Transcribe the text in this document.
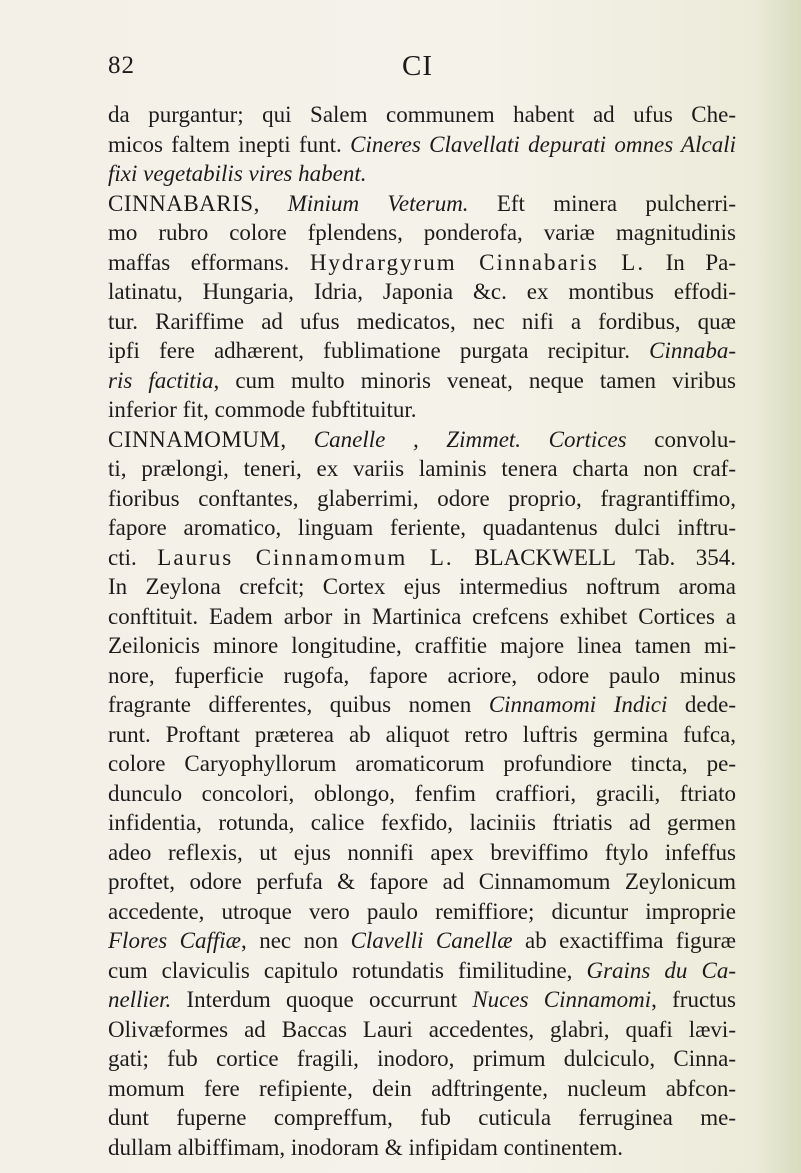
82	CI
da purgantur; qui Salem communem habent ad ufus Che-
micos faltem inepti funt. Cineres Clavellati depurati omnes Alcali
fixi vegetabilis vires habent.
CINNABARIS, Minium Veterum. Eft minera pulcherri-
mo rubro colore fplendens, ponderofa, variæ magnitudinis
maffas efformans. Hydrargyrum Cinnabaris L. In Pa-
latinatu, Hungaria, Idria, Japonia &c. ex montibus effodi-
tur. Rariffime ad ufus medicatos, nec nifi a fordibus, quæ
ipfi fere adhærent, fublimatione purgata recipitur. Cinnaba-
ris factitia, cum multo minoris veneat, neque tamen viribus
inferior fit, commode fubftituitur.
CINNAMOMUM, Canelle , Zimmet. Cortices convolu-
ti, prælongi, teneri, ex variis laminis tenera charta non craf-
fioribus conftantes, glaberrimi, odore proprio, fragrantiffimo,
fapore aromatico, linguam feriente, quadantenus dulci inftru-
cti. Laurus Cinnamomum L. BLACKWELL Tab. 354.
In Zeylona crefcit; Cortex ejus intermedius noftrum aroma
conftituit. Eadem arbor in Martinica crefcens exhibet Cortices a
Zeilonicis minore longitudine, craffitie majore linea tamen mi-
nore, fuperficie rugofa, fapore acriore, odore paulo minus
fragrante differentes, quibus nomen Cinnamomi Indici dede-
runt. Proftant præterea ab aliquot retro luftris germina fufca,
colore Caryophyllorum aromaticorum profundiore tincta, pe-
dunculo concolori, oblongo, fenfim craffiori, gracili, ftriato
infidentia, rotunda, calice fexfido, laciniis ftriatis ad germen
adeo reflexis, ut ejus nonnifi apex breviffimo ftylo infeffus
proftet, odore perfufa & fapore ad Cinnamomum Zeylonicum
accedente, utroque vero paulo remiffiore; dicuntur improprie
Flores Caffiæ, nec non Clavelli Canellæ ab exactiffima figuræ
cum claviculis capitulo rotundatis fimilitudine, Grains du Ca-
nellier. Interdum quoque occurrunt Nuces Cinnamomi, fructus
Olivæformes ad Baccas Lauri accedentes, glabri, quafi lævi-
gati; fub cortice fragili, inodoro, primum dulciculo, Cinna-
momum fere refipiente, dein adftringente, nucleum abfcon-
dunt fuperne compreffum, fub cuticula ferruginea me-
dullam albiffimam, inodoram & infipidam continentem.
